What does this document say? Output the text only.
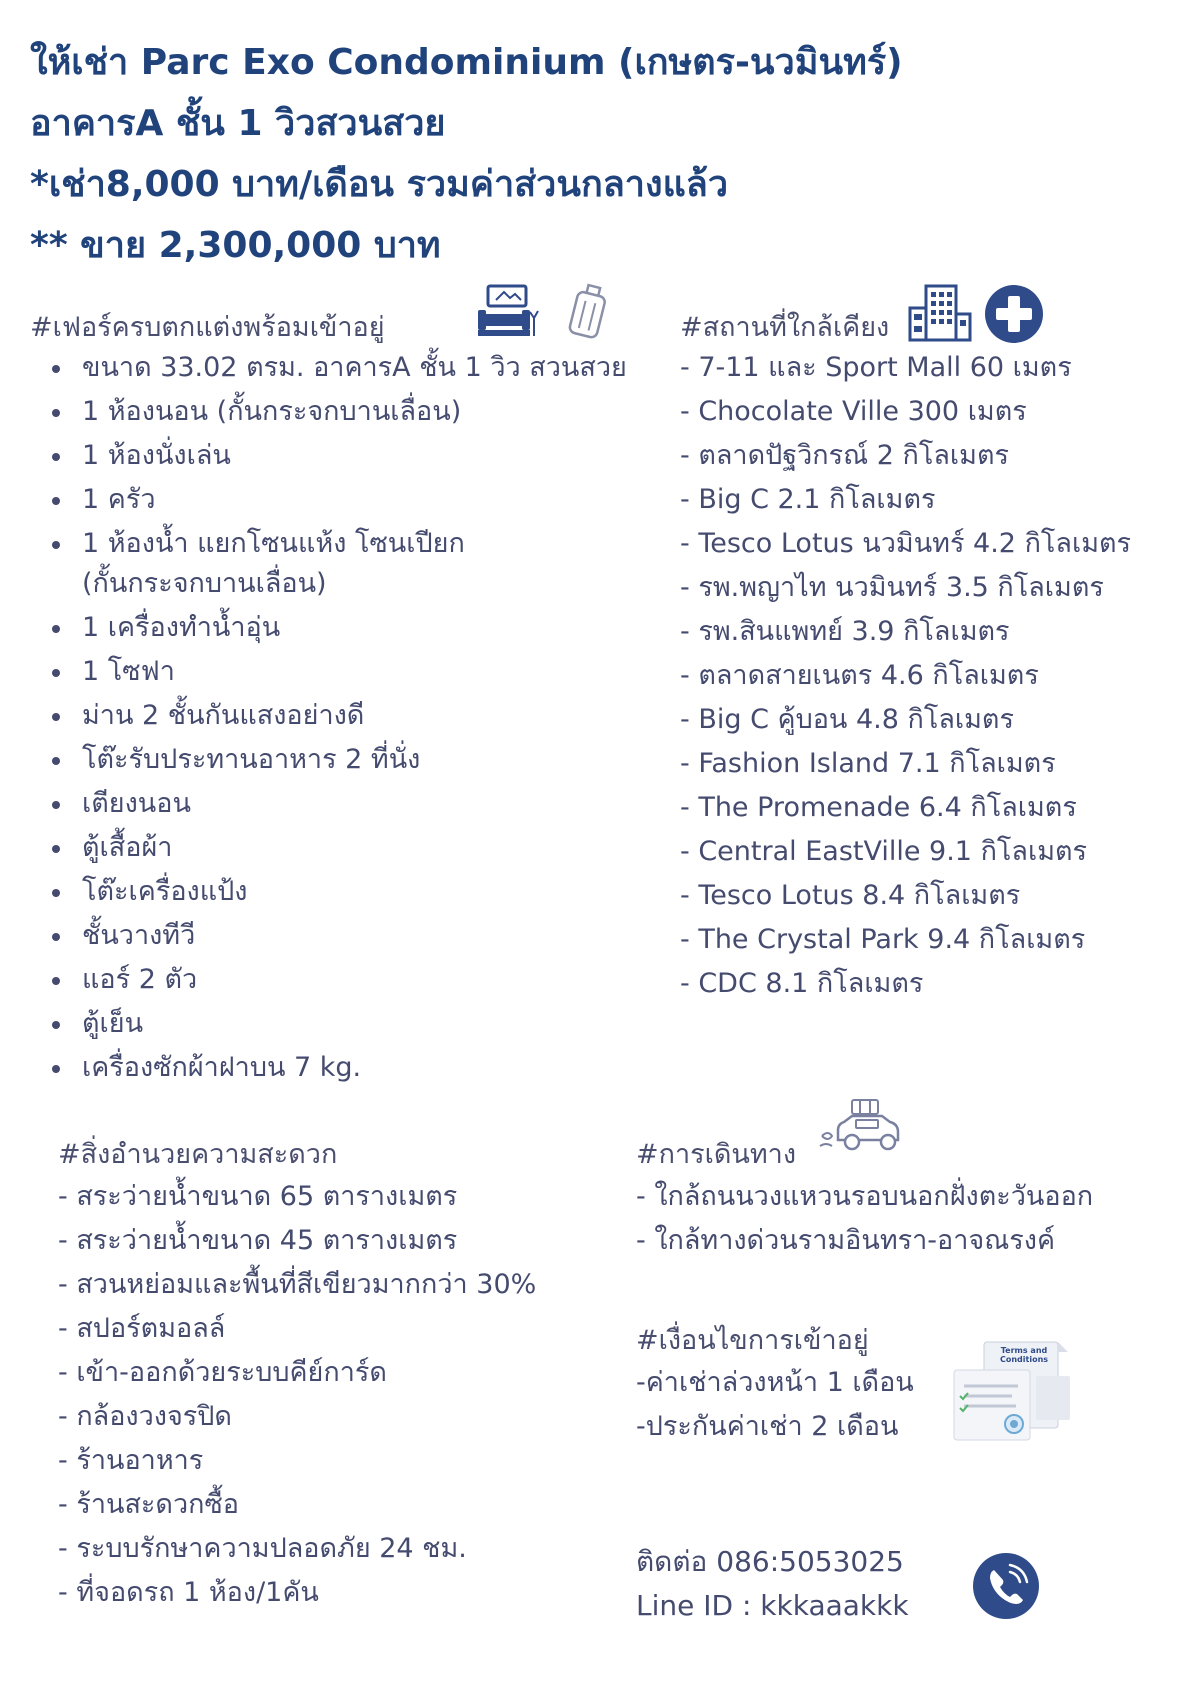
ให้เช่า Parc Exo Condominium (เกษตร-นวมินทร์)
อาคารA ชั้น 1 วิวสวนสวย
*เช่า8,000 บาท/เดือน รวมค่าส่วนกลางแล้ว
** ขาย 2,300,000 บาท
#เฟอร์ครบตกแต่งพร้อมเข้าอยู่
ขนาด 33.02 ตรม. อาคารA ชั้น 1 วิว สวนสวย
1 ห้องนอน (กั้นกระจกบานเลื่อน)
1 ห้องนั่งเล่น
1 ครัว
1 ห้องน้ำ แยกโซนแห้ง โซนเปียก
(กั้นกระจกบานเลื่อน)
1 เครื่องทำน้ำอุ่น
1 โซฟา
ม่าน 2 ชั้นกันแสงอย่างดี
โต๊ะรับประทานอาหาร 2 ที่นั่ง
เตียงนอน
ตู้เสื้อผ้า
โต๊ะเครื่องแป้ง
ชั้นวางทีวี
แอร์ 2 ตัว
ตู้เย็น
เครื่องซักผ้าฝาบน 7 kg.
#สถานที่ใกล้เคียง
- 7-11 และ Sport Mall 60 เมตร
- Chocolate Ville 300 เมตร
- ตลาดปัฐวิกรณ์ 2 กิโลเมตร
- Big C 2.1 กิโลเมตร
- Tesco Lotus นวมินทร์ 4.2 กิโลเมตร
- รพ.พญาไท นวมินทร์ 3.5 กิโลเมตร
- รพ.สินแพทย์ 3.9 กิโลเมตร
- ตลาดสายเนตร 4.6 กิโลเมตร
- Big C คู้บอน 4.8 กิโลเมตร
- Fashion Island 7.1 กิโลเมตร
- The Promenade 6.4 กิโลเมตร
- Central EastVille 9.1 กิโลเมตร
- Tesco Lotus 8.4 กิโลเมตร
- The Crystal Park 9.4 กิโลเมตร
- CDC 8.1 กิโลเมตร
#สิ่งอำนวยความสะดวก
- สระว่ายน้ำขนาด 65 ตารางเมตร
- สระว่ายน้ำขนาด 45 ตารางเมตร
- สวนหย่อมและพื้นที่สีเขียวมากกว่า 30%
- สปอร์ตมอลล์
- เข้า-ออกด้วยระบบคีย์การ์ด
- กล้องวงจรปิด
- ร้านอาหาร
- ร้านสะดวกซื้อ
- ระบบรักษาความปลอดภัย 24 ชม.
- ที่จอดรถ 1 ห้อง/1คัน
#การเดินทาง
- ใกล้ถนนวงแหวนรอบนอกฝั่งตะวันออก
- ใกล้ทางด่วนรามอินทรา-อาจณรงค์
#เงื่อนไขการเข้าอยู่
-ค่าเช่าล่วงหน้า 1 เดือน
-ประกันค่าเช่า 2 เดือน
Terms and Conditions
ติดต่อ 086:5053025
Line ID : kkkaaakkk
